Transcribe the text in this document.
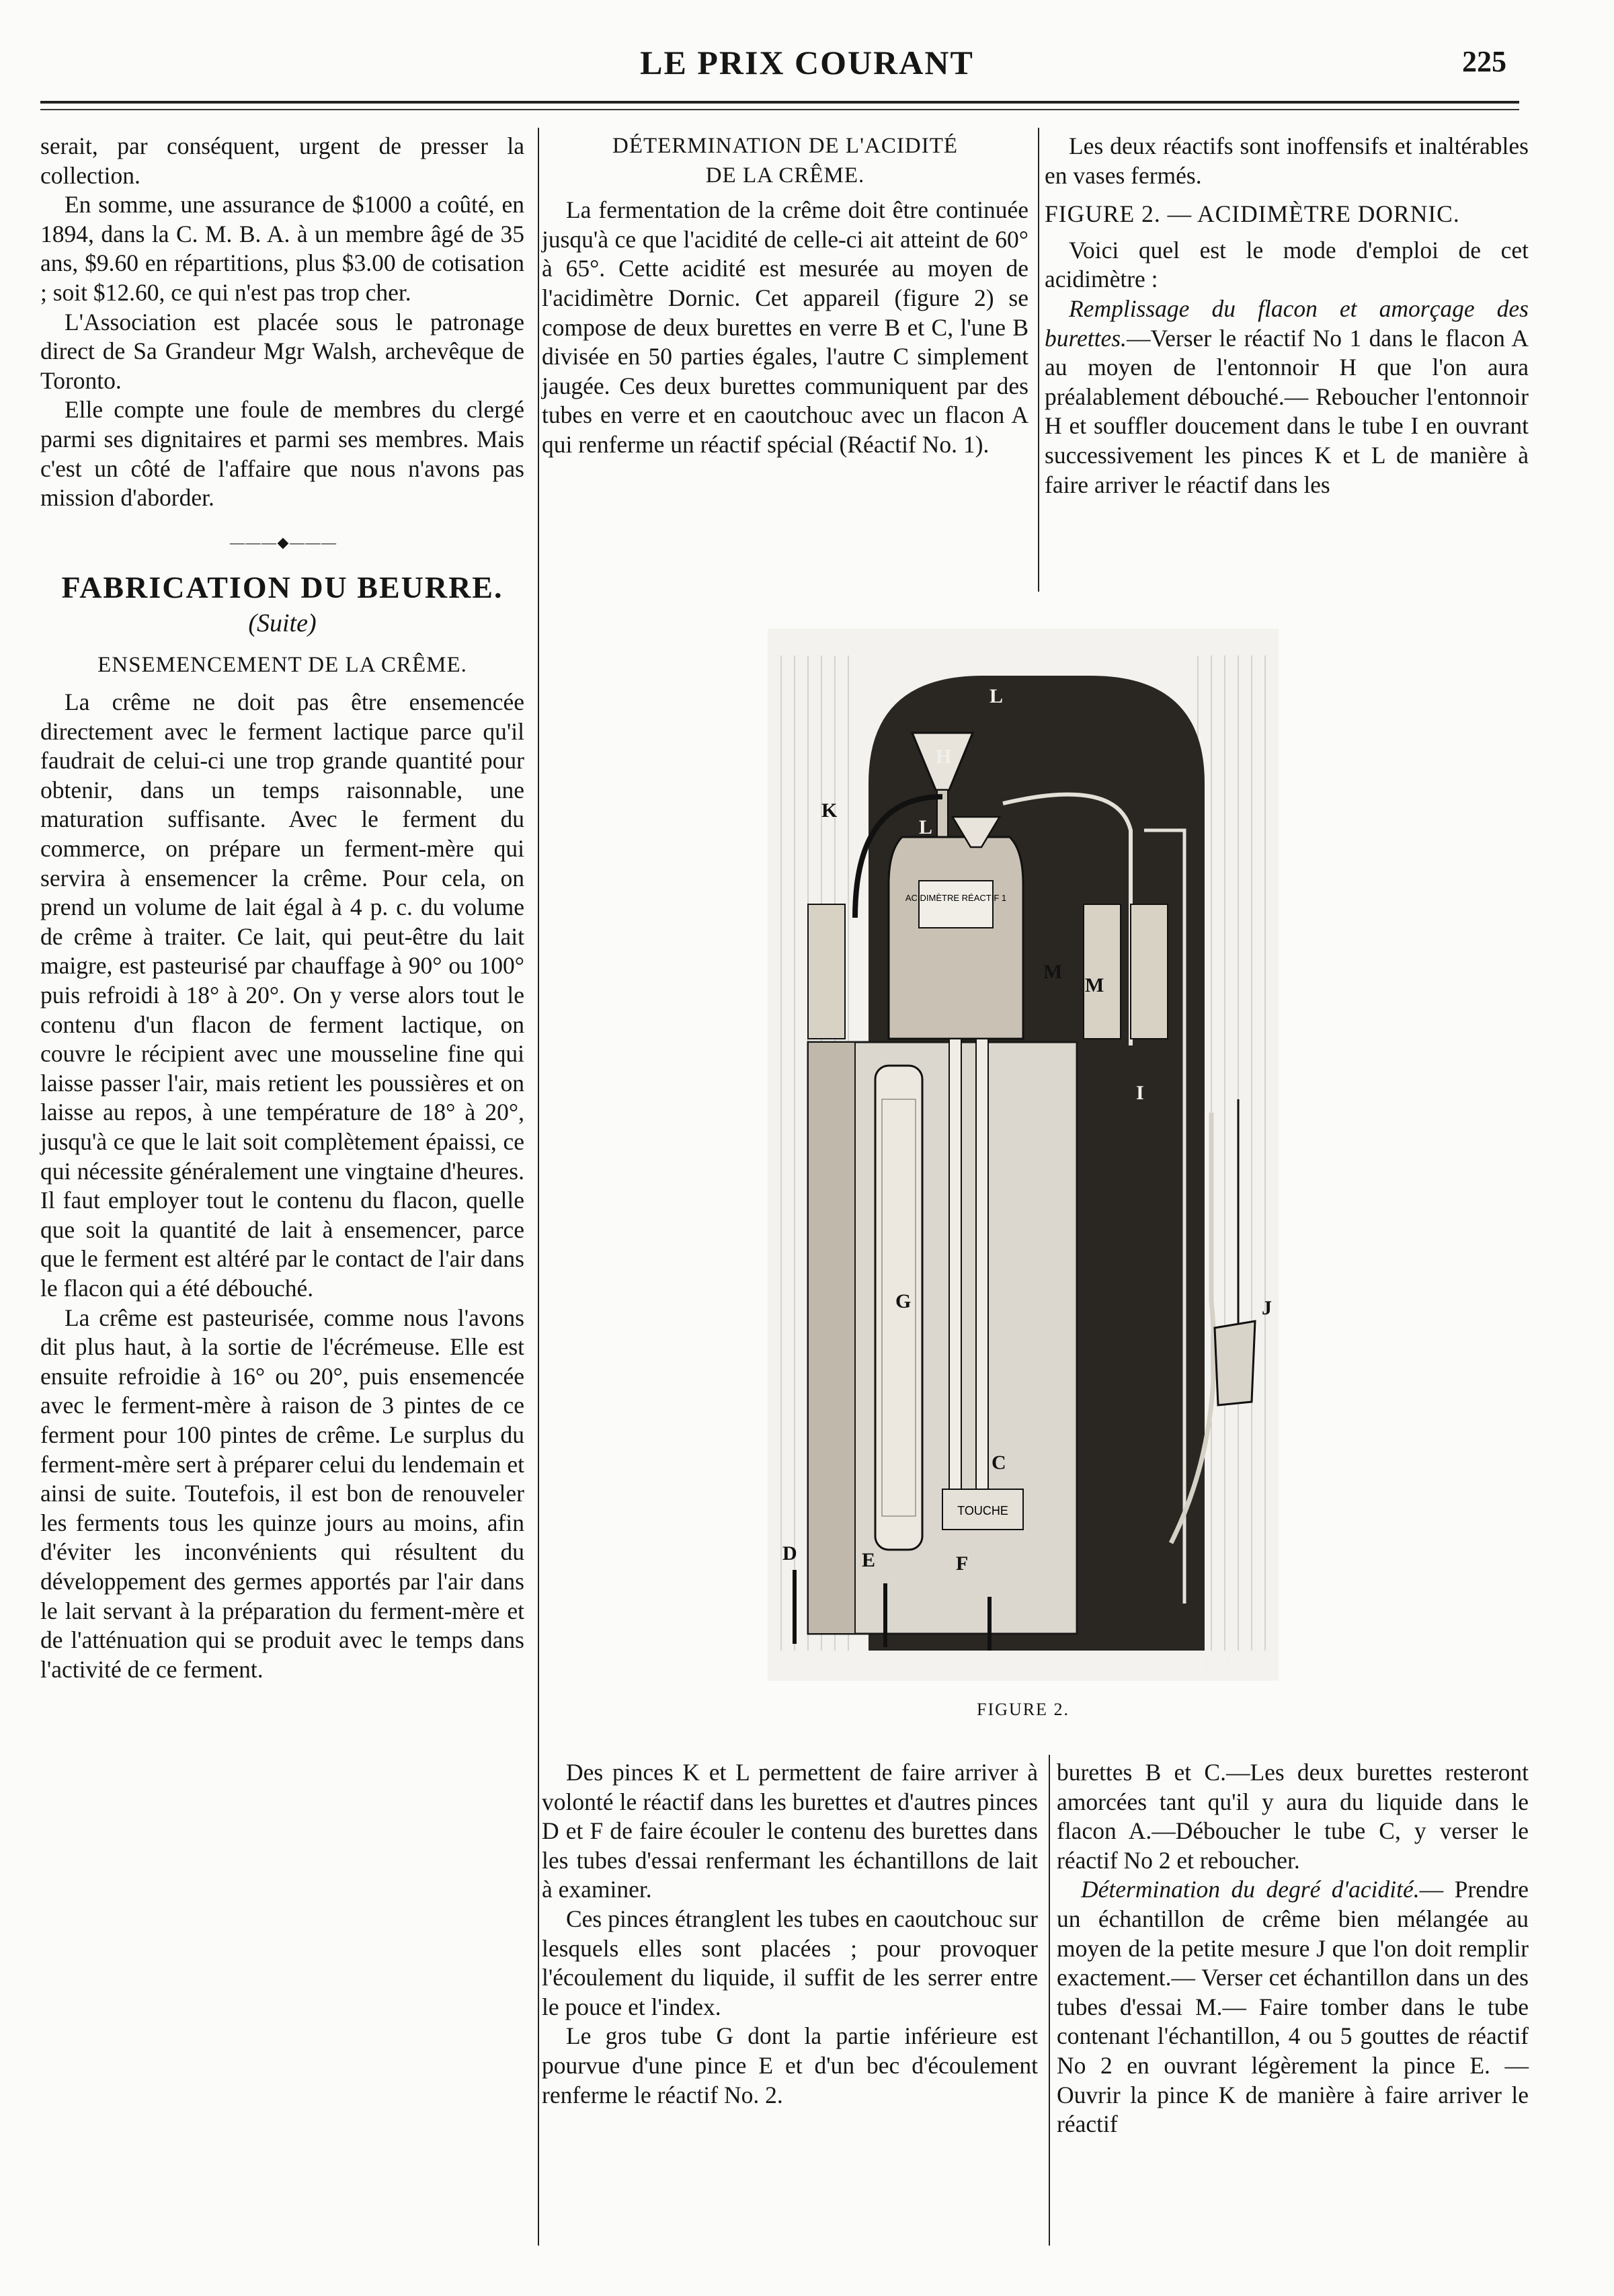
LE PRIX COURANT	225

serait, par conséquent, urgent de presser la collection.

En somme, une assurance de $1000 a coûté, en 1894, dans la C. M. B. A. à un membre âgé de 35 ans, $9.60 en répartitions, plus $3.00 de cotisation ; soit $12.60, ce qui n'est pas trop cher.

L'Association est placée sous le patronage direct de Sa Grandeur Mgr Walsh, archevêque de Toronto.

Elle compte une foule de membres du clergé parmi ses dignitaires et parmi ses membres. Mais c'est un côté de l'affaire que nous n'avons pas mission d'aborder.

— — — ◆ — — —
FABRICATION DU BEURRE.
(Suite)
ENSEMENCEMENT DE LA CRÊME.

La crême ne doit pas être ensemencée directement avec le ferment lactique parce qu'il faudrait de celui-ci une trop grande quantité pour obtenir, dans un temps raisonnable, une maturation suffisante. Avec le ferment du commerce, on prépare un ferment-mère qui servira à ensemencer la crême. Pour cela, on prend un volume de lait égal à 4 p. c. du volume de crême à traiter. Ce lait, qui peut-être du lait maigre, est pasteurisé par chauffage à 90° ou 100° puis refroidi à 18° à 20°. On y verse alors tout le contenu d'un flacon de ferment lactique, on couvre le récipient avec une mousseline fine qui laisse passer l'air, mais retient les poussières et on laisse au repos, à une température de 18° à 20°, jusqu'à ce que le lait soit complètement épaissi, ce qui nécessite généralement une vingtaine d'heures. Il faut employer tout le contenu du flacon, quelle que soit la quantité de lait à ensemencer, parce que le ferment est altéré par le contact de l'air dans le flacon qui a été débouché.

La crême est pasteurisée, comme nous l'avons dit plus haut, à la sortie de l'écrémeuse. Elle est ensuite refroidie à 16° ou 20°, puis ensemencée avec le ferment-mère à raison de 3 pintes de ce ferment pour 100 pintes de crême. Le surplus du ferment-mère sert à préparer celui du lendemain et ainsi de suite. Toutefois, il est bon de renouveler les ferments tous les quinze jours au moins, afin d'éviter les inconvénients qui résultent du développement des germes apportés par l'air dans le lait servant à la préparation du ferment-mère et de l'atténuation qui se produit avec le temps dans l'activité de ce ferment.

DÉTERMINATION DE L'ACIDITÉ
DE LA CRÊME.

La fermentation de la crême doit être continuée jusqu'à ce que l'acidité de celle-ci ait atteint de 60° à 65°. Cette acidité est mesurée au moyen de l'acidimètre Dornic. Cet appareil (figure 2) se compose de deux burettes en verre B et C, l'une B divisée en 50 parties égales, l'autre C simplement jaugée. Ces deux burettes communiquent par des tubes en verre et en caoutchouc avec un flacon A qui renferme un réactif spécial (Réactif No. 1).

Les deux réactifs sont inoffensifs et inaltérables en vases fermés.

FIGURE 2. — ACIDIMÈTRE DORNIC.

Voici quel est le mode d'emploi de cet acidimètre :

Remplissage du flacon et amorçage des burettes.—Verser le réactif No 1 dans le flacon A au moyen de l'entonnoir H que l'on aura préalablement débouché.— Reboucher l'entonnoir H et souffler doucement dans le tube I en ouvrant successivement les pinces K et L de manière à faire arriver le réactif dans les

ACIDIMÈTRE RÉACTIF 1
TOUCHE
L
H
L
M
M
G
C
I
K
J
D	E	F
E. AEIX
FIGURE 2.

Des pinces K et L permettent de faire arriver à volonté le réactif dans les burettes et d'autres pinces D et F de faire écouler le contenu des burettes dans les tubes d'essai renfermant les échantillons de lait à examiner.

Ces pinces étranglent les tubes en caoutchouc sur lesquels elles sont placées ; pour provoquer l'écoulement du liquide, il suffit de les serrer entre le pouce et l'index.

Le gros tube G dont la partie inférieure est pourvue d'une pince E et d'un bec d'écoulement renferme le réactif No. 2.

burettes B et C.—Les deux burettes resteront amorcées tant qu'il y aura du liquide dans le flacon A.—Déboucher le tube C, y verser le réactif No 2 et reboucher.

Détermination du degré d'acidité.— Prendre un échantillon de crême bien mélangée au moyen de la petite mesure J que l'on doit remplir exactement.— Verser cet échantillon dans un des tubes d'essai M.— Faire tomber dans le tube contenant l'échantillon, 4 ou 5 gouttes de réactif No 2 en ouvrant légèrement la pince E. — Ouvrir la pince K de manière à faire arriver le réactif
